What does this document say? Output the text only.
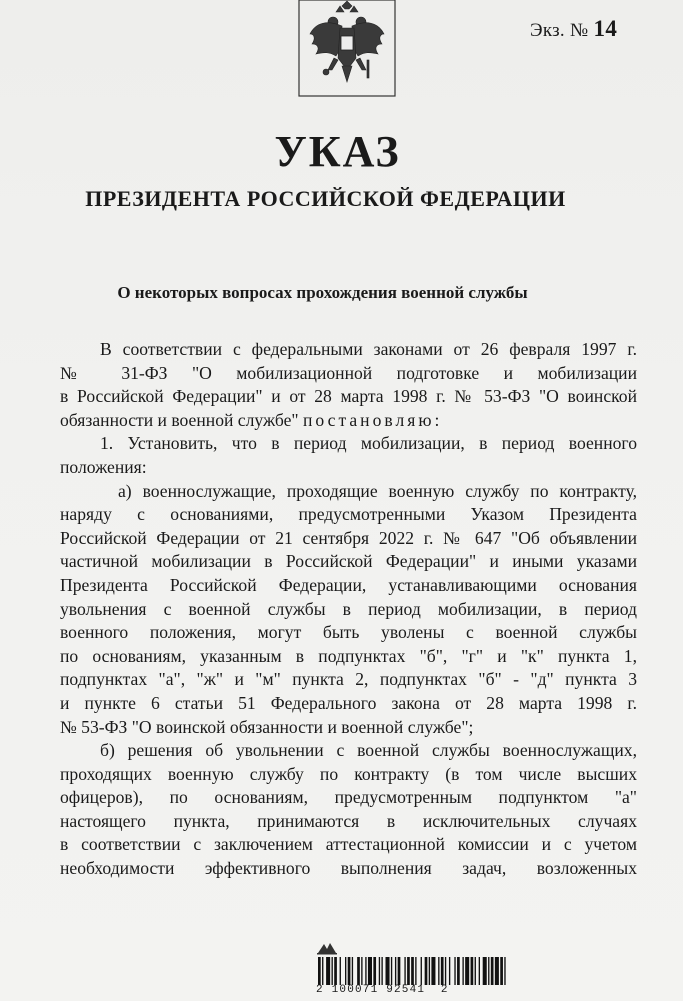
Экз. № 14
УКАЗ
ПРЕЗИДЕНТА РОССИЙСКОЙ ФЕДЕРАЦИИ
О некоторых вопросах прохождения военной службы
В соответствии с федеральными законами от 26 февраля 1997 г.
№ 31-ФЗ "О мобилизационной подготовке и мобилизации
в Российской Федерации" и от 28 марта 1998 г. № 53-ФЗ "О воинской
обязанности и военной службе" постановляю:
1. Установить, что в период мобилизации, в период военного
положения:
а) военнослужащие, проходящие военную службу по контракту,
наряду с основаниями, предусмотренными Указом Президента
Российской Федерации от 21 сентября 2022 г. № 647 "Об объявлении
частичной мобилизации в Российской Федерации" и иными указами
Президента Российской Федерации, устанавливающими основания
увольнения с военной службы в период мобилизации, в период
военного положения, могут быть уволены с военной службы
по основаниям, указанным в подпунктах "б", "г" и "к" пункта 1,
подпунктах "а", "ж" и "м" пункта 2, подпунктах "б" - "д" пункта 3
и пункте 6 статьи 51 Федерального закона от 28 марта 1998 г.
№ 53-ФЗ "О воинской обязанности и военной службе";
б) решения об увольнении с военной службы военнослужащих,
проходящих военную службу по контракту (в том числе высших
офицеров), по основаниям, предусмотренным подпунктом "а"
настоящего пункта, принимаются в исключительных случаях
в соответствии с заключением аттестационной комиссии и с учетом
необходимости эффективного выполнения задач, возложенных
2 100071 92541  2
